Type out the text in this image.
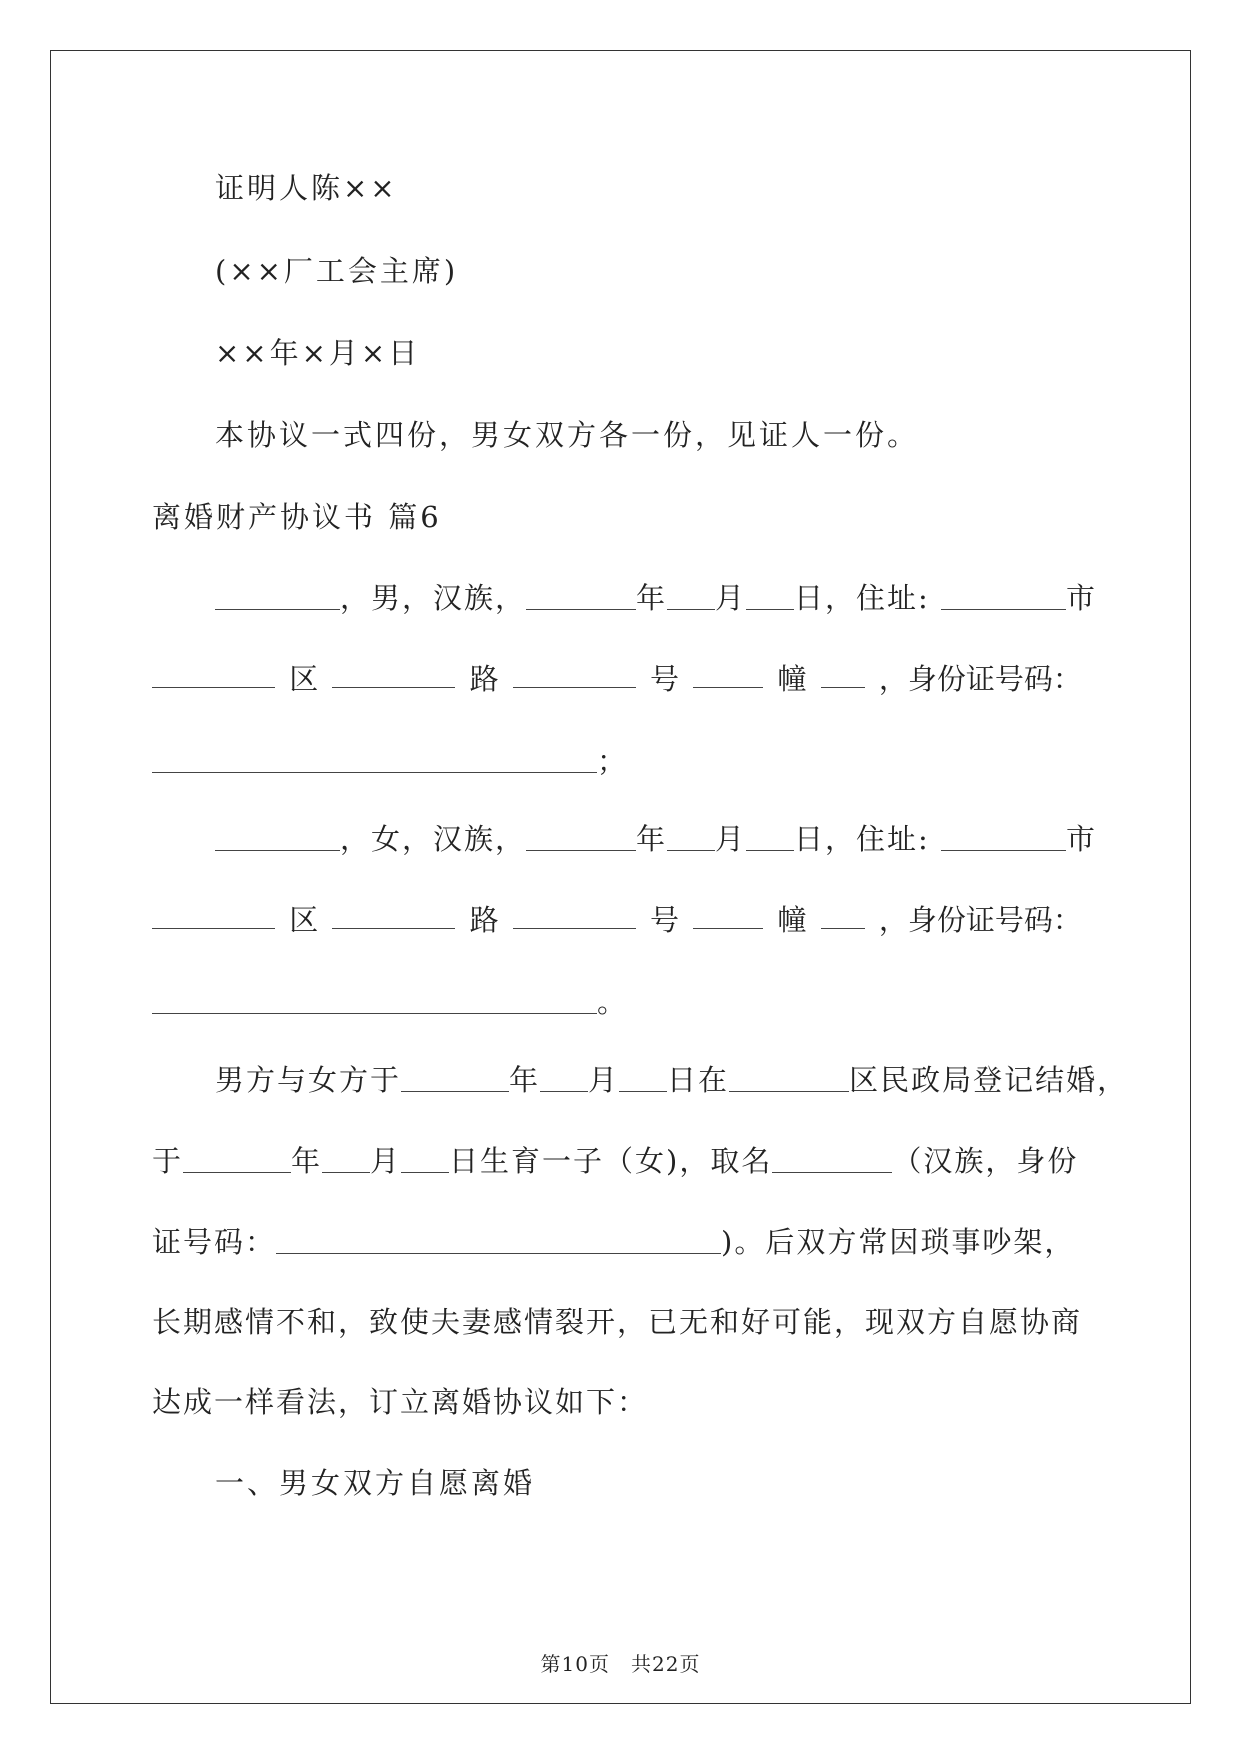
证明人陈××
(××厂工会主席)
××年×月×日
本协议一式四份，男女双方各一份，见证人一份。
离婚财产协议书 篇6
，男，汉族，	年 月 日，住址:	市
区	路	号	幢 ，身份证号码：
；
，女，汉族，	年 月 日，住址:	市
区	路	号	幢 ，身份证号码：
。
男方与女方于	年 月 日在	区民政局登记结婚，
于	年 月 日生育一子（女)，取名	（汉族，身份
证号码：	)。后双方常因琐事吵架，
长期感情不和，致使夫妻感情裂开，已无和好可能，现双方自愿协商
达成一样看法，订立离婚协议如下：
一、男女双方自愿离婚
第10页　共22页
